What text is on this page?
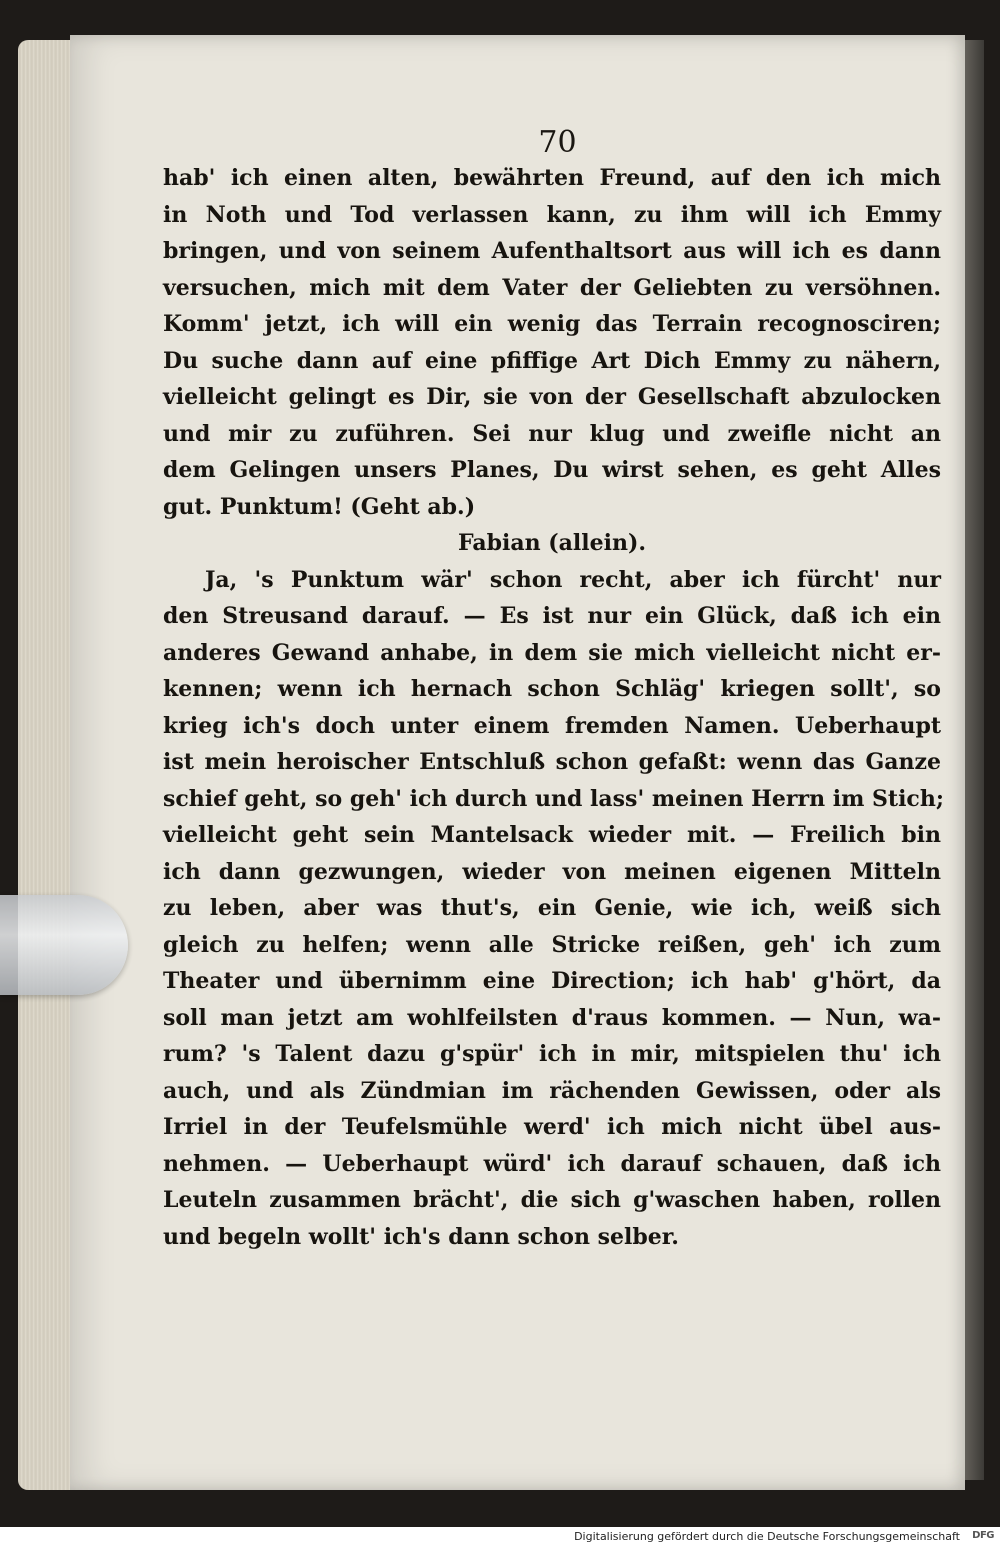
70
hab' ich einen alten, bewährten Freund, auf den ich mich
in Noth und Tod verlassen kann, zu ihm will ich Emmy
bringen, und von seinem Aufenthaltsort aus will ich es dann
versuchen, mich mit dem Vater der Geliebten zu versöhnen.
Komm' jetzt, ich will ein wenig das Terrain recognosciren;
Du suche dann auf eine pfiffige Art Dich Emmy zu nähern,
vielleicht gelingt es Dir, sie von der Gesellschaft abzulocken
und mir zu zuführen. Sei nur klug und zweifle nicht an
dem Gelingen unsers Planes, Du wirst sehen, es geht Alles
gut. Punktum! (Geht ab.)
Fabian (allein).
Ja, 's Punktum wär' schon recht, aber ich fürcht' nur
den Streusand darauf. — Es ist nur ein Glück, daß ich ein
anderes Gewand anhabe, in dem sie mich vielleicht nicht er-
kennen; wenn ich hernach schon Schläg' kriegen sollt', so
krieg ich's doch unter einem fremden Namen. Ueberhaupt
ist mein heroischer Entschluß schon gefaßt: wenn das Ganze
schief geht, so geh' ich durch und lass' meinen Herrn im Stich;
vielleicht geht sein Mantelsack wieder mit. — Freilich bin
ich dann gezwungen, wieder von meinen eigenen Mitteln
zu leben, aber was thut's, ein Genie, wie ich, weiß sich
gleich zu helfen; wenn alle Stricke reißen, geh' ich zum
Theater und übernimm eine Direction; ich hab' g'hört, da
soll man jetzt am wohlfeilsten d'raus kommen. — Nun, wa-
rum? 's Talent dazu g'spür' ich in mir, mitspielen thu' ich
auch, und als Zündmian im rächenden Gewissen, oder als
Irriel in der Teufelsmühle werd' ich mich nicht übel aus-
nehmen. — Ueberhaupt würd' ich darauf schauen, daß ich
Leuteln zusammen brächt', die sich g'waschen haben, rollen
und begeln wollt' ich's dann schon selber.
Digitalisierung gefördert durch die Deutsche Forschungsgemeinschaft DFG
